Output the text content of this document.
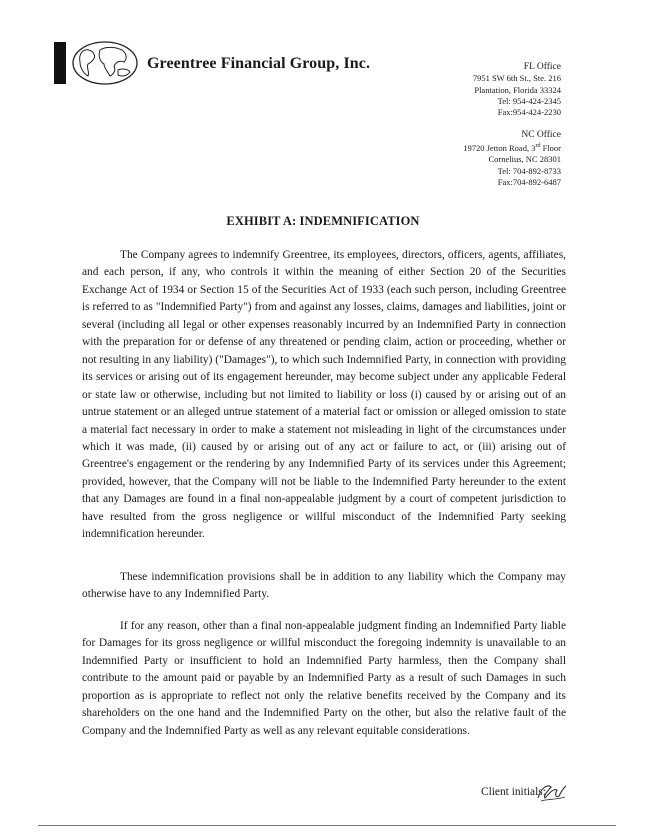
Greentree Financial Group, Inc.	FL Office
7951 SW 6th St., Ste. 216
Plantation, Florida 33324
Tel: 954-424-2345
Fax:954-424-2230
NC Office
19720 Jetton Road, 3rd Floor
Cornelius, NC 28301
Tel: 704-892-8733
Fax:704-892-6487
EXHIBIT A: INDEMNIFICATION

The Company agrees to indemnify Greentree, its employees, directors, officers, agents, affiliates, and each person, if any, who controls it within the meaning of either Section 20 of the Securities Exchange Act of 1934 or Section 15 of the Securities Act of 1933 (each such person, including Greentree is referred to as "Indemnified Party") from and against any losses, claims, damages and liabilities, joint or several (including all legal or other expenses reasonably incurred by an Indemnified Party in connection with the preparation for or defense of any threatened or pending claim, action or proceeding, whether or not resulting in any liability) ("Damages"), to which such Indemnified Party, in connection with providing its services or arising out of its engagement hereunder, may become subject under any applicable Federal or state law or otherwise, including but not limited to liability or loss (i) caused by or arising out of an untrue statement or an alleged untrue statement of a material fact or omission or alleged omission to state a material fact necessary in order to make a statement not misleading in light of the circumstances under which it was made, (ii) caused by or arising out of any act or failure to act, or (iii) arising out of Greentree's engagement or the rendering by any Indemnified Party of its services under this Agreement; provided, however, that the Company will not be liable to the Indemnified Party hereunder to the extent that any Damages are found in a final non-appealable judgment by a court of competent jurisdiction to have resulted from the gross negligence or willful misconduct of the Indemnified Party seeking indemnification hereunder.

These indemnification provisions shall be in addition to any liability which the Company may otherwise have to any Indemnified Party.

If for any reason, other than a final non-appealable judgment finding an Indemnified Party liable for Damages for its gross negligence or willful misconduct the foregoing indemnity is unavailable to an Indemnified Party or insufficient to hold an Indemnified Party harmless, then the Company shall contribute to the amount paid or payable by an Indemnified Party as a result of such Damages in such proportion as is appropriate to reflect not only the relative benefits received by the Company and its shareholders on the one hand and the Indemnified Party on the other, but also the relative fault of the Company and the Indemnified Party as well as any relevant equitable considerations.

Client initials:
